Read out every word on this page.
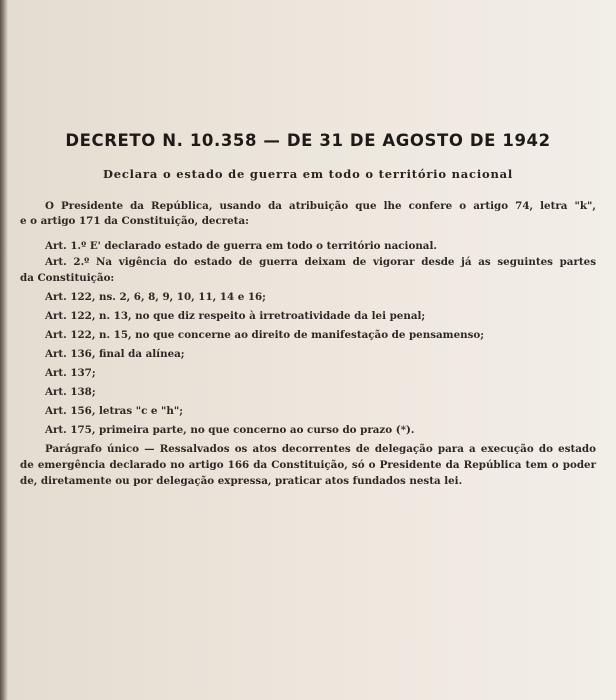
DECRETO N. 10.358 — DE 31 DE AGOSTO DE 1942
Declara o estado de guerra em todo o território nacional
O Presidente da República, usando da atribuição que lhe confere o artigo 74, letra "k",
e o artigo 171 da Constituição, decreta:
Art. 1.º E' declarado estado de guerra em todo o território nacional.
Art. 2.º Na vigência do estado de guerra deixam de vigorar desde já as seguintes partes
da Constituição:
Art. 122, ns. 2, 6, 8, 9, 10, 11, 14 e 16;
Art. 122, n. 13, no que diz respeito à irretroatividade da lei penal;
Art. 122, n. 15, no que concerne ao direito de manifestação de pensamenso;
Art. 136, final da alínea;
Art. 137;
Art. 138;
Art. 156, letras "c e "h";
Art. 175, primeira parte, no que concerno ao curso do prazo (*).
Parágrafo único — Ressalvados os atos decorrentes de delegação para a execução do estado
de emergência declarado no artigo 166 da Constituição, só o Presidente da República tem o poder
de, diretamente ou por delegação expressa, praticar atos fundados nesta lei.
